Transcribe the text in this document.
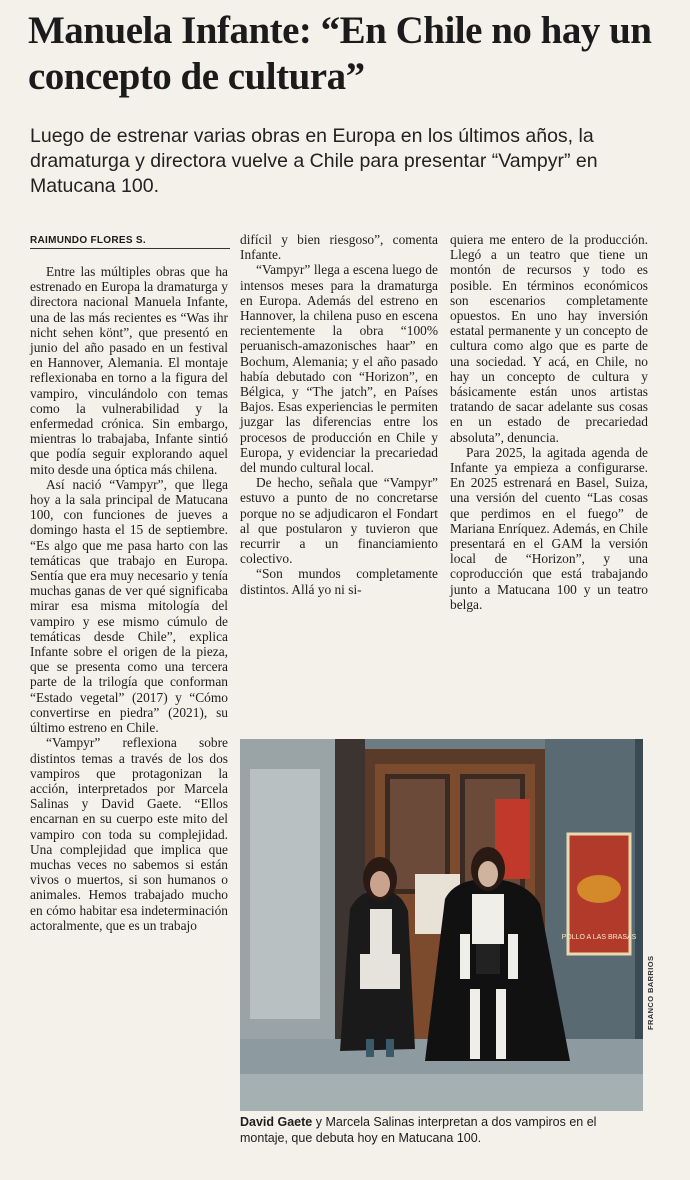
Manuela Infante: “En Chile no hay un concepto de cultura”

Luego de estrenar varias obras en Europa en los últimos años, la dramaturga y directora vuelve a Chile para presentar “Vampyr” en Matucana 100.

RAIMUNDO FLORES S.

Entre las múltiples obras que ha estrenado en Europa la dramaturga y directora nacional Manuela Infante, una de las más recientes es “Was ihr nicht sehen könt”, que presentó en junio del año pasado en un festival en Hannover, Alemania. El montaje reflexionaba en torno a la figura del vampiro, vinculándolo con temas como la vulnerabilidad y la enfermedad crónica. Sin embargo, mientras lo trabajaba, Infante sintió que podía seguir explorando aquel mito desde una óptica más chilena.

Así nació “Vampyr”, que llega hoy a la sala principal de Matucana 100, con funciones de jueves a domingo hasta el 15 de septiembre. “Es algo que me pasa harto con las temáticas que trabajo en Europa. Sentía que era muy necesario y tenía muchas ganas de ver qué significaba mirar esa misma mitología del vampiro y ese mismo cúmulo de temáticas desde Chile”, explica Infante sobre el origen de la pieza, que se presenta como una tercera parte de la trilogía que conforman “Estado vegetal” (2017) y “Cómo convertirse en piedra” (2021), su último estreno en Chile.

“Vampyr” reflexiona sobre distintos temas a través de los dos vampiros que protagonizan la acción, interpretados por Marcela Salinas y David Gaete. “Ellos encarnan en su cuerpo este mito del vampiro con toda su complejidad. Una complejidad que implica que muchas veces no sabemos si están vivos o muertos, si son humanos o animales. Hemos trabajado mucho en cómo habitar esa indeterminación actoralmente, que es un trabajo

difícil y bien riesgoso”, comenta Infante.

“Vampyr” llega a escena luego de intensos meses para la dramaturga en Europa. Además del estreno en Hannover, la chilena puso en escena recientemente la obra “100% peruanisch-amazonisches haar” en Bochum, Alemania; y el año pasado había debutado con “Horizon”, en Bélgica, y “The jatch”, en Países Bajos. Esas experiencias le permiten juzgar las diferencias entre los procesos de producción en Chile y Europa, y evidenciar la precariedad del mundo cultural local.

De hecho, señala que “Vampyr” estuvo a punto de no concretarse porque no se adjudicaron el Fondart al que postularon y tuvieron que recurrir a un financiamiento colectivo.

“Son mundos completamente distintos. Allá yo ni si-

quiera me entero de la producción. Llegó a un teatro que tiene un montón de recursos y todo es posible. En términos económicos son escenarios completamente opuestos. En uno hay inversión estatal permanente y un concepto de cultura como algo que es parte de una sociedad. Y acá, en Chile, no hay un concepto de cultura y básicamente están unos artistas tratando de sacar adelante sus cosas en un estado de precariedad absoluta”, denuncia.

Para 2025, la agitada agenda de Infante ya empieza a configurarse. En 2025 estrenará en Basel, Suiza, una versión del cuento “Las cosas que perdimos en el fuego” de Mariana Enríquez. Además, en Chile presentará en el GAM la versión local de “Horizon”, y una coproducción que está trabajando junto a Matucana 100 y un teatro belga.

POLLO A LAS BRASAS
FRANCO BARRIOS

David Gaete y Marcela Salinas interpretan a dos vampiros en el montaje, que debuta hoy en Matucana 100.
